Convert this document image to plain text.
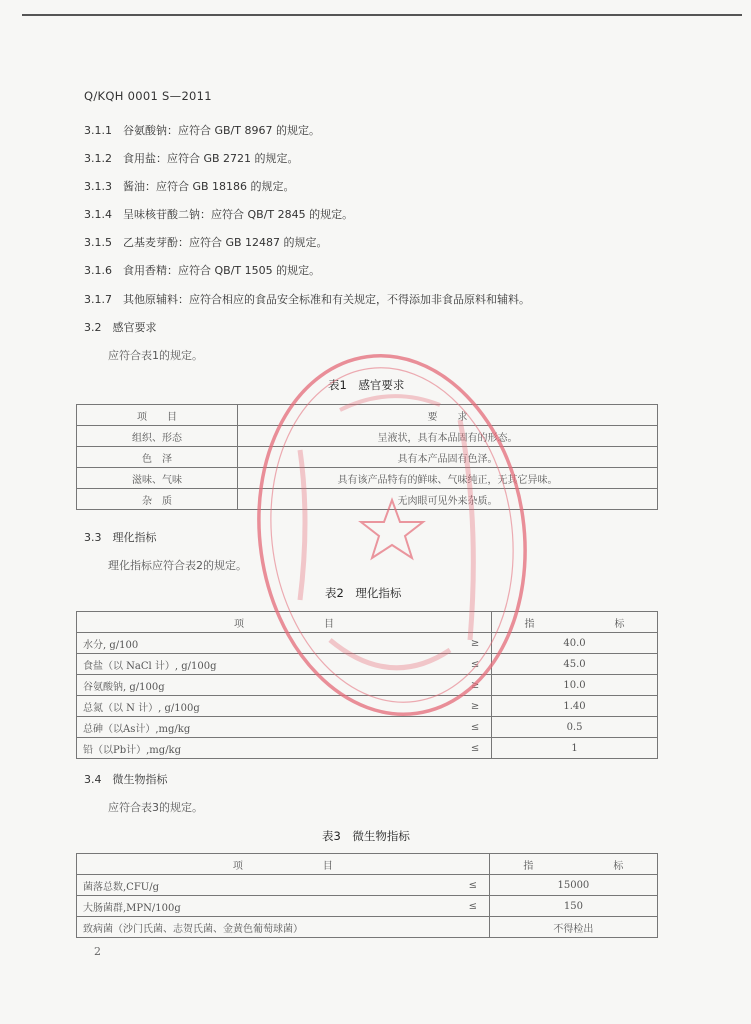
Q/KQH 0001 S—2011
3.1.1　谷氨酸钠：应符合 GB/T 8967 的规定。
3.1.2　食用盐：应符合 GB 2721 的规定。
3.1.3　酱油：应符合 GB 18186 的规定。
3.1.4　呈味核苷酸二钠：应符合 QB/T 2845 的规定。
3.1.5　乙基麦芽酚：应符合 GB 12487 的规定。
3.1.6　食用香精：应符合 QB/T 1505 的规定。
3.1.7　其他原辅料：应符合相应的食品安全标准和有关规定，不得添加非食品原料和辅料。
3.2　感官要求
应符合表1的规定。
表1　感官要求
项　　目	要　　求
组织、形态	呈液状，具有本品固有的形态。
色　泽	具有本产品固有色泽。
滋味、气味	具有该产品特有的鲜味、气味纯正，无其它异味。
杂　质	无肉眼可见外来杂质。
3.3　理化指标
理化指标应符合表2的规定。
表2　理化指标
项　　　　　　　　目		指　　　　　　　　标
水分, g/100	≥	40.0
食盐（以 NaCl 计）, g/100g	≤	45.0
谷氨酸钠, g/100g	≥	10.0
总氮（以 N 计）, g/100g	≥	1.40
总砷（以As计）,mg/kg	≤	0.5
铅（以Pb计）,mg/kg	≤	1
3.4　微生物指标
应符合表3的规定。
表3　微生物指标
项　　　　　　　　目		指　　　　　　　　标
菌落总数,CFU/g	≤	15000
大肠菌群,MPN/100g	≤	150
致病菌（沙门氏菌、志贺氏菌、金黄色葡萄球菌）		不得检出
2
